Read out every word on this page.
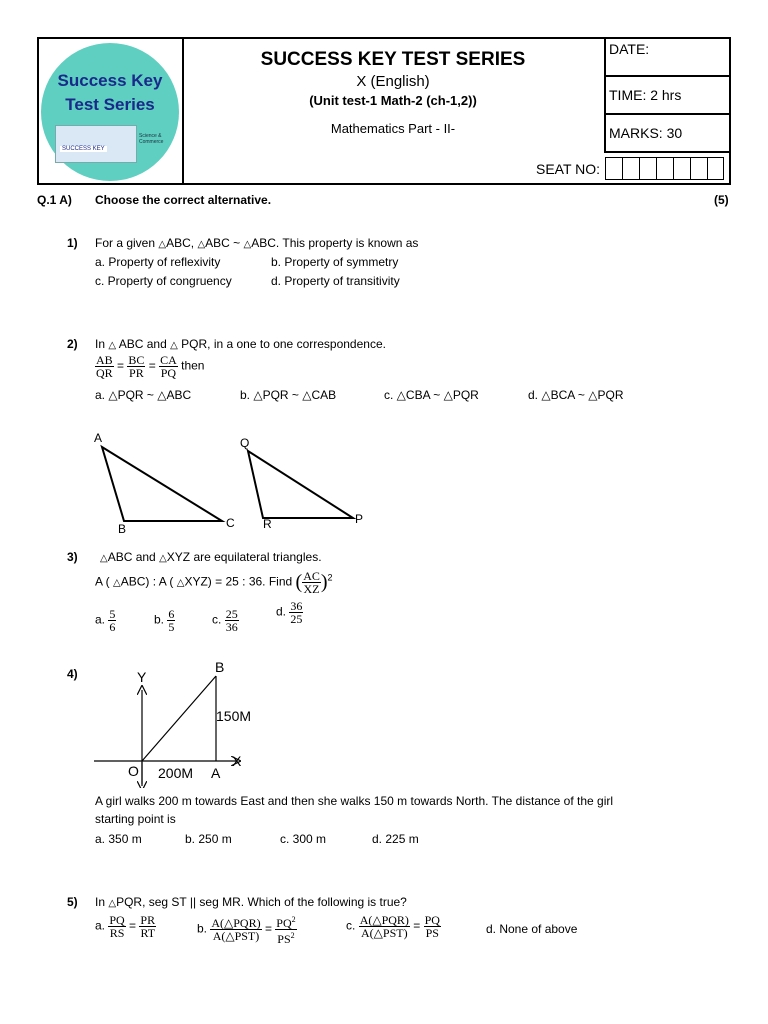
Success Key
Test Series
SUCCESS KEY
Science & Commerce
SUCCESS KEY TEST SERIES
X (English)
(Unit test-1 Math-2 (ch-1,2))
Mathematics Part - II-
DATE:
TIME: 2 hrs
MARKS: 30
SEAT NO:
Q.1 A) Choose the correct alternative.	(5)
1) For a given △ABC, △ABC ~ △ABC. This property is known as
a. Property of reflexivity	b. Property of symmetry
c. Property of congruency	d. Property of transitivity
2) In △ ABC and △ PQR, in a one to one correspondence.
$\frac{AB}{QR} = \frac{BC}{PR} = \frac{CA}{PQ}$ then
a. △PQR ~ △ABC	b. △PQR ~ △CAB	c. △CBA ~ △PQR	d. △BCA ~ △PQR
A
B	C
Q
R	P
3) △ABC and △XYZ are equilateral triangles.
A ( △ABC) : A ( △XYZ) = 25 : 36. Find ( $\frac{AC}{XZ} )^2$
a. $\frac{5}{6}$	b. $\frac{6}{5}$	c. $\frac{25}{36}$	d. $\frac{36}{25}$
4)	Y
B
150M
O 200M A
X
A girl walks 200 m towards East and then she walks 150 m towards North. The distance of the girl
starting point is
a. 350 m	b. 250 m	c. 300 m	d. 225 m
5) In △PQR, seg ST || seg MR. Which of the following is true?
a. $\frac{PQ}{RS} = \frac{PR}{RT}$	b. $\frac{\text{A(△PQR)}}{\text{A(△PST)}} = \frac{PQ^2}{PS^2}$	c. $\frac{\text{A(△PQR)}}{\text{A(△PST)}} = \frac{PQ}{PS}$	d. None of above
